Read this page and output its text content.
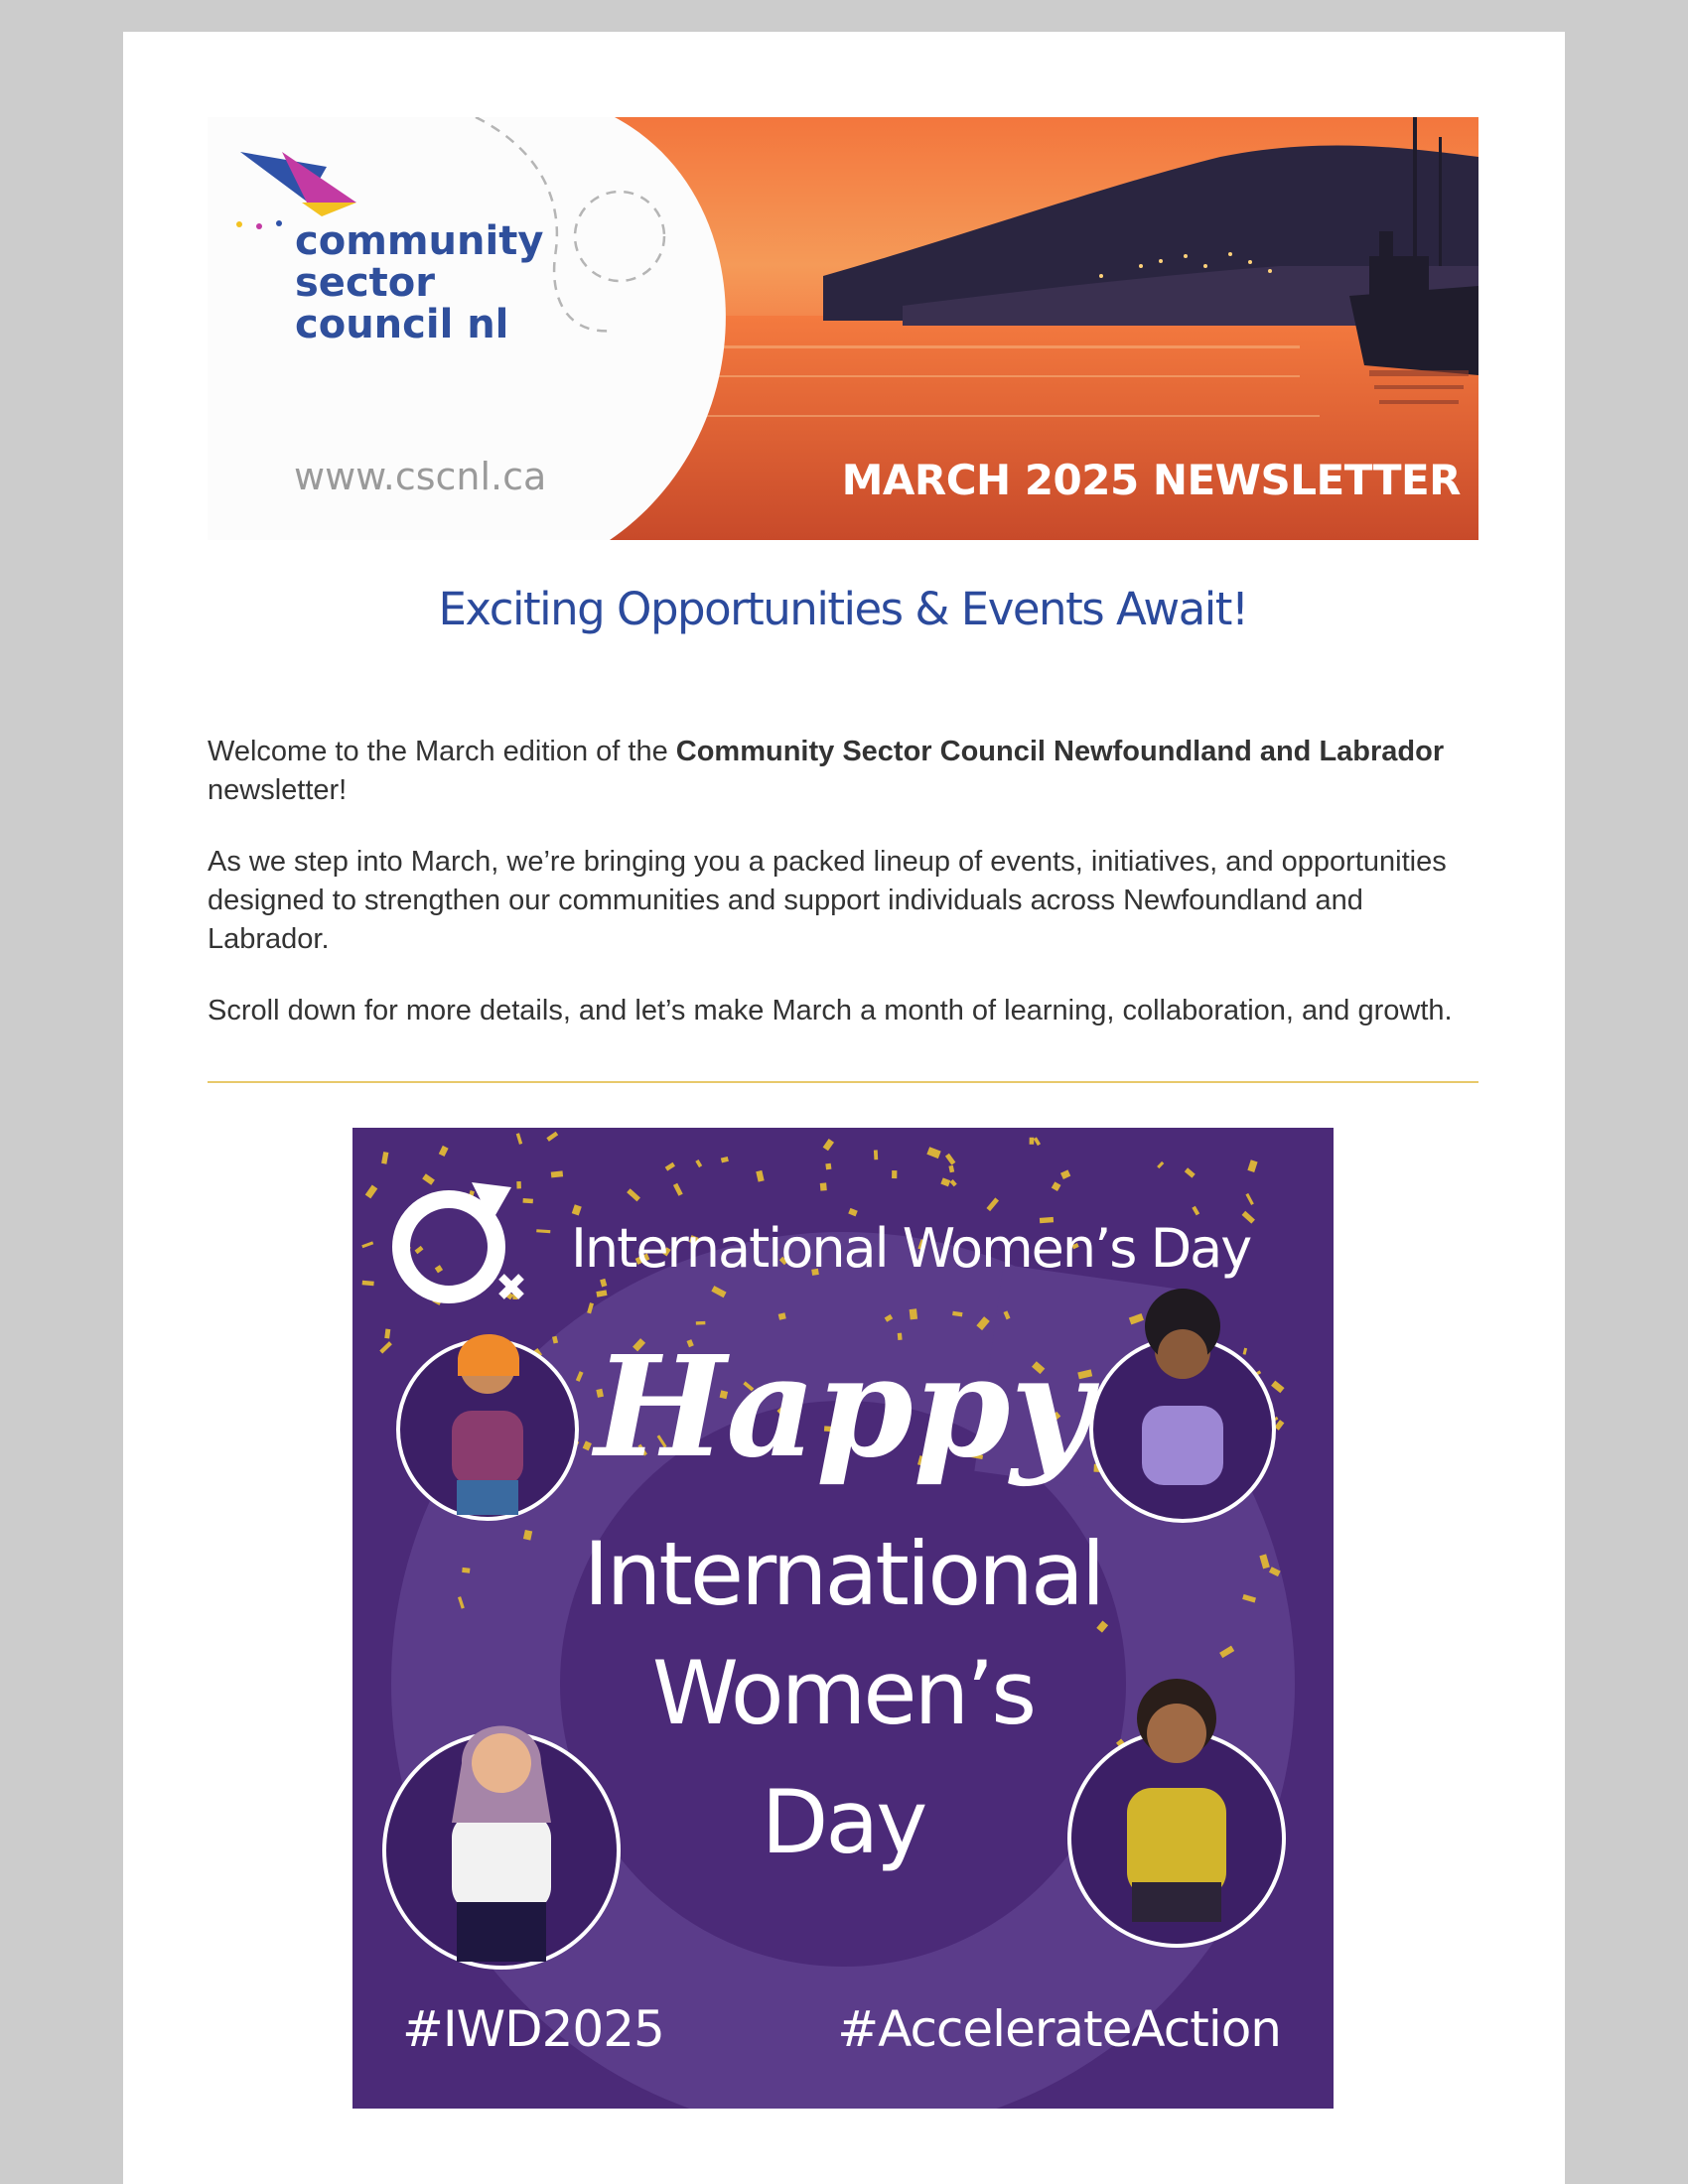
community
sector
council nl
www.cscnl.ca	MARCH 2025 NEWSLETTER
Exciting Opportunities & Events Await!

Welcome to the March edition of the Community Sector Council Newfoundland and Labrador newsletter!

As we step into March, we’re bringing you a packed lineup of events, initiatives, and opportunities designed to strengthen our communities and support individuals across Newfoundland and Labrador.

Scroll down for more details, and let’s make March a month of learning, collaboration, and growth.

International Women’s Day
Happy
International
Women’s
Day
#IWD2025	#AccelerateAction
